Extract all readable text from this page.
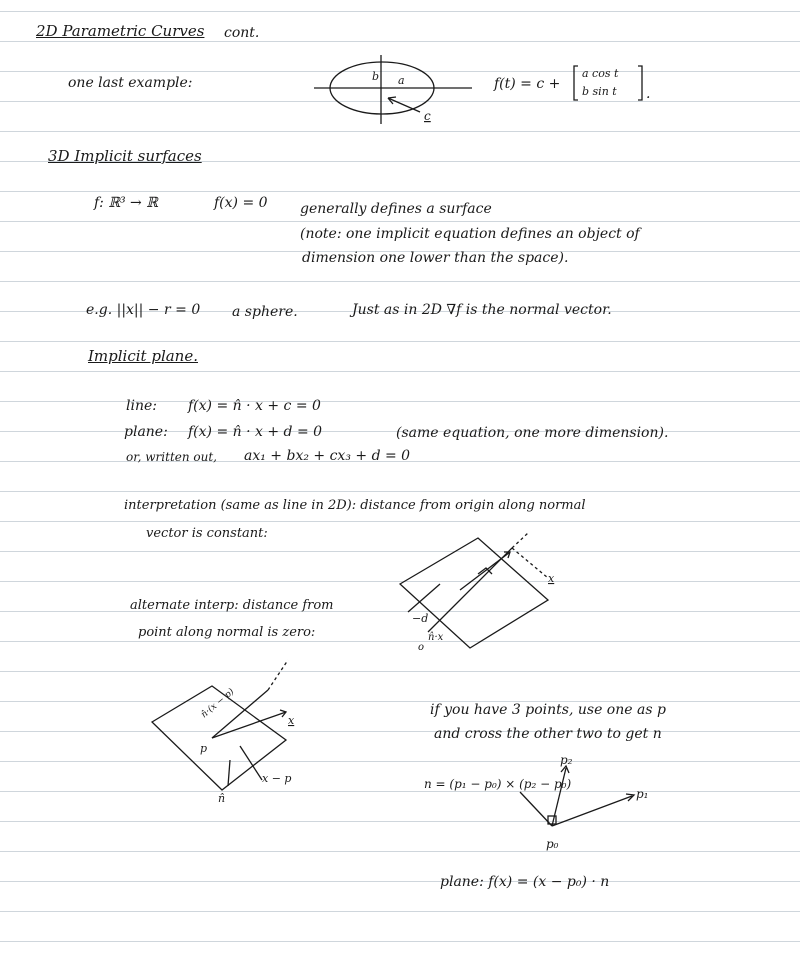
2D Parametric Curves cont.
one last example:	b a
c
.
x
−d
n̂·x
o
x
p
n̂
x − p
n̂·(x − p)
p₀
p₁
p₂
f(t) = c +
a cos t
b sin t
3D Implicit surfaces
f: ℝ³ → ℝ	f(x) = 0 generally defines a surface
(note: one implicit equation defines an object of
dimension one lower than the space).
e.g. ||x|| − r = 0 a sphere.	Just as in 2D ∇f is the normal vector.
Implicit plane.
line: f(x) = n̂ · x + c = 0
plane: f(x) = n̂ · x + d = 0	(same equation, one more dimension).
or, written out, ax₁ + bx₂ + cx₃ + d = 0
interpretation (same as line in 2D): distance from origin along normal
vector is constant:
alternate interp: distance from
point along normal is zero:
if you have 3 points, use one as p
and cross the other two to get n
n = (p₁ − p₀) × (p₂ − p₀)
plane: f(x) = (x − p₀) · n
